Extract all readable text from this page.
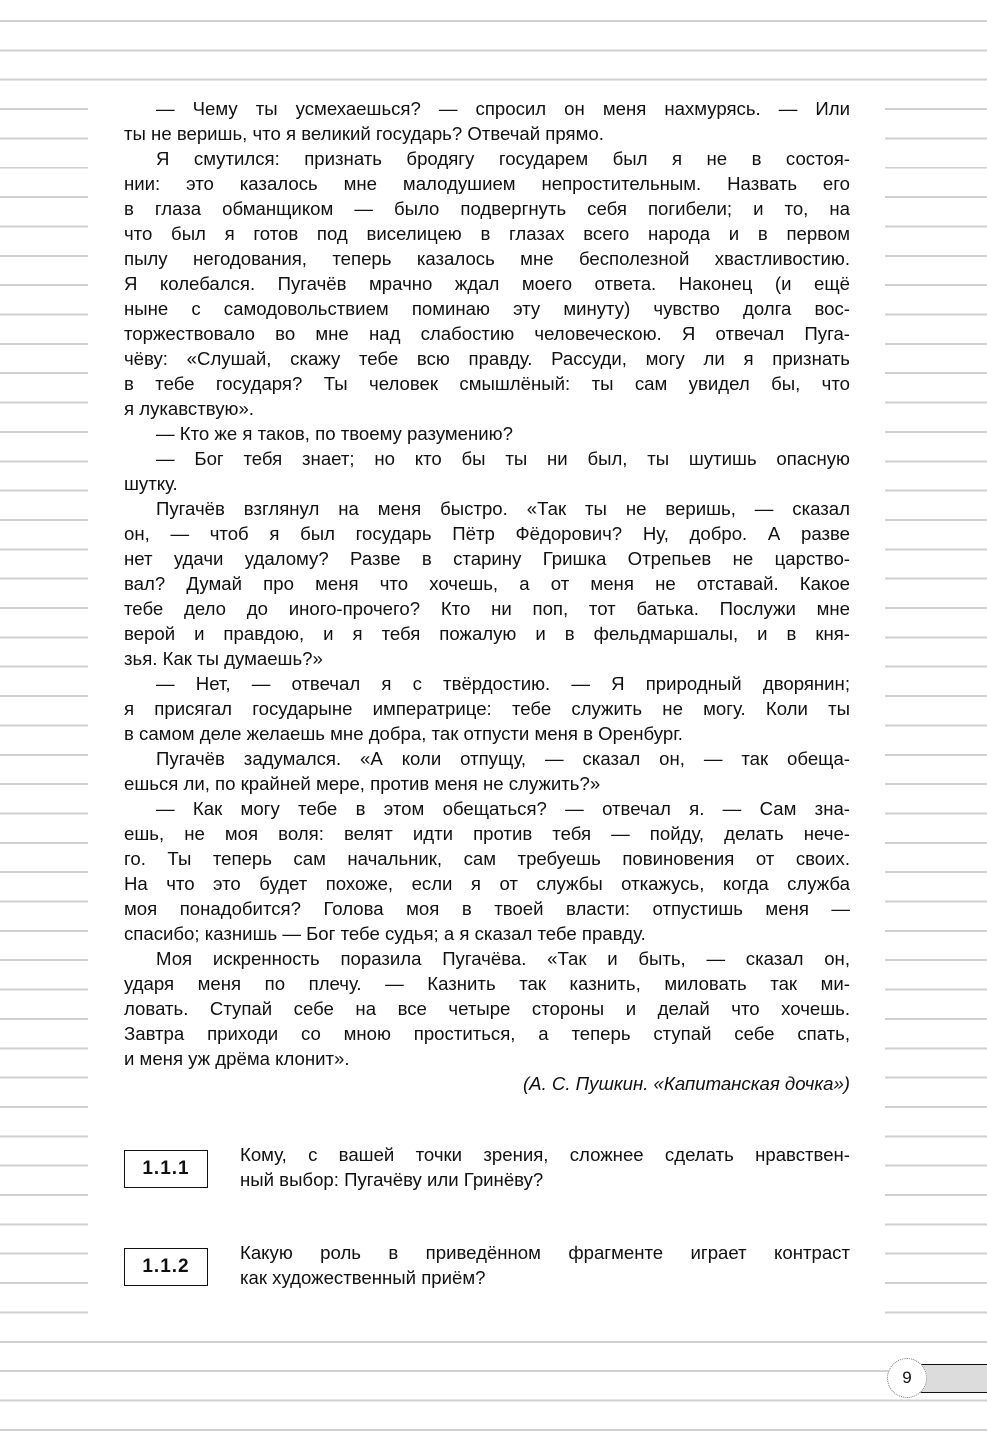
— Чему ты усмехаешься? — спросил он меня нахмурясь. — Или
ты не веришь, что я великий государь? Отвечай прямо.
Я смутился: признать бродягу государем был я не в состоя-
нии: это казалось мне малодушием непростительным. Назвать его
в глаза обманщиком — было подвергнуть себя погибели; и то, на
что был я готов под виселицею в глазах всего народа и в первом
пылу негодования, теперь казалось мне бесполезной хвастливостию.
Я колебался. Пугачёв мрачно ждал моего ответа. Наконец (и ещё
ныне с самодовольствием поминаю эту минуту) чувство долга вос-
торжествовало во мне над слабостию человеческою. Я отвечал Пуга-
чёву: «Слушай, скажу тебе всю правду. Рассуди, могу ли я признать
в тебе государя? Ты человек смышлёный: ты сам увидел бы, что
я лукавствую».
— Кто же я таков, по твоему разумению?
— Бог тебя знает; но кто бы ты ни был, ты шутишь опасную
шутку.
Пугачёв взглянул на меня быстро. «Так ты не веришь, — сказал
он, — чтоб я был государь Пётр Фёдорович? Ну, добро. А разве
нет удачи удалому? Разве в старину Гришка Отрепьев не царство-
вал? Думай про меня что хочешь, а от меня не отставай. Какое
тебе дело до иного-прочего? Кто ни поп, тот батька. Послужи мне
верой и правдою, и я тебя пожалую и в фельдмаршалы, и в кня-
зья. Как ты думаешь?»
— Нет, — отвечал я с твёрдостию. — Я природный дворянин;
я присягал государыне императрице: тебе служить не могу. Коли ты
в самом деле желаешь мне добра, так отпусти меня в Оренбург.
Пугачёв задумался. «А коли отпущу, — сказал он, — так обеща-
ешься ли, по крайней мере, против меня не служить?»
— Как могу тебе в этом обещаться? — отвечал я. — Сам зна-
ешь, не моя воля: велят идти против тебя — пойду, делать нече-
го. Ты теперь сам начальник, сам требуешь повиновения от своих.
На что это будет похоже, если я от службы откажусь, когда служба
моя понадобится? Голова моя в твоей власти: отпустишь меня —
спасибо; казнишь — Бог тебе судья; а я сказал тебе правду.
Моя искренность поразила Пугачёва. «Так и быть, — сказал он,
ударя меня по плечу. — Казнить так казнить, миловать так ми-
ловать. Ступай себе на все четыре стороны и делай что хочешь.
Завтра приходи со мною проститься, а теперь ступай себе спать,
и меня уж дрёма клонит».
(А. С. Пушкин. «Капитанская дочка»)
1.1.1
Кому, с вашей точки зрения, сложнее сделать нравствен-
ный выбор: Пугачёву или Гринёву?
1.1.2
Какую роль в приведённом фрагменте играет контраст
как художественный приём?
9
